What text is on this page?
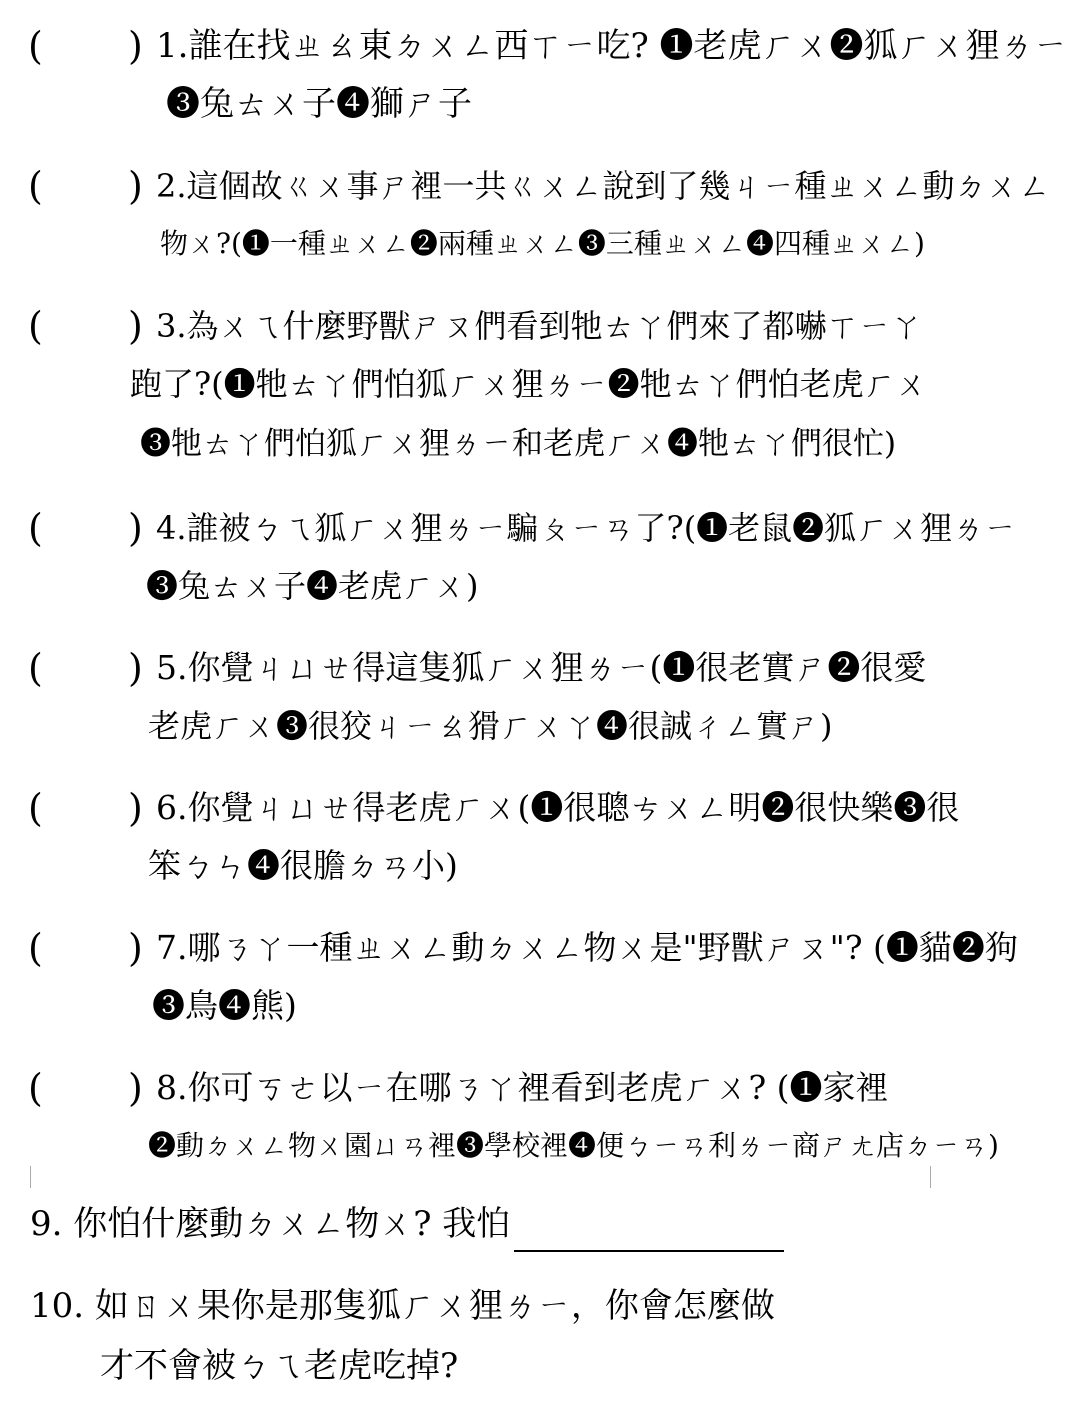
( ) 1.誰在找ㄓㄠ東ㄉㄨㄥ西ㄒㄧ吃? ❶老虎ㄏㄨ❷狐ㄏㄨ狸ㄌㄧ
❸兔ㄊㄨ子❹獅ㄕ子
( ) 2.這個故ㄍㄨ事ㄕ裡一共ㄍㄨㄥ說到了幾ㄐㄧ種ㄓㄨㄥ動ㄉㄨㄥ
物ㄨ?(❶一種ㄓㄨㄥ❷兩種ㄓㄨㄥ❸三種ㄓㄨㄥ❹四種ㄓㄨㄥ)
( ) 3.為ㄨㄟ什麼野獸ㄕㄡ們看到牠ㄊㄚ們來了都嚇ㄒㄧㄚ
跑了?(❶牠ㄊㄚ們怕狐ㄏㄨ狸ㄌㄧ❷牠ㄊㄚ們怕老虎ㄏㄨ
❸牠ㄊㄚ們怕狐ㄏㄨ狸ㄌㄧ和老虎ㄏㄨ❹牠ㄊㄚ們很忙)
( ) 4.誰被ㄅㄟ狐ㄏㄨ狸ㄌㄧ騙ㄆㄧㄢ了?(❶老鼠❷狐ㄏㄨ狸ㄌㄧ
❸兔ㄊㄨ子❹老虎ㄏㄨ)
( ) 5.你覺ㄐㄩㄝ得這隻狐ㄏㄨ狸ㄌㄧ(❶很老實ㄕ❷很愛
老虎ㄏㄨ❸很狡ㄐㄧㄠ猾ㄏㄨㄚ❹很誠ㄔㄥ實ㄕ)
( ) 6.你覺ㄐㄩㄝ得老虎ㄏㄨ(❶很聰ㄘㄨㄥ明❷很快樂❸很
笨ㄅㄣ❹很膽ㄉㄢ小)
( ) 7.哪ㄋㄚ一種ㄓㄨㄥ動ㄉㄨㄥ物ㄨ是"野獸ㄕㄡ"? (❶貓❷狗
❸鳥❹熊)
( ) 8.你可ㄎㄜ以ㄧ在哪ㄋㄚ裡看到老虎ㄏㄨ? (❶家裡
❷動ㄉㄨㄥ物ㄨ園ㄩㄢ裡❸學校裡❹便ㄅㄧㄢ利ㄌㄧ商ㄕㄤ店ㄉㄧㄢ)
9. 你怕什麼動ㄉㄨㄥ物ㄨ? 我怕
10. 如ㄖㄨ果你是那隻狐ㄏㄨ狸ㄌㄧ，你會怎麼做
才不會被ㄅㄟ老虎吃掉?
